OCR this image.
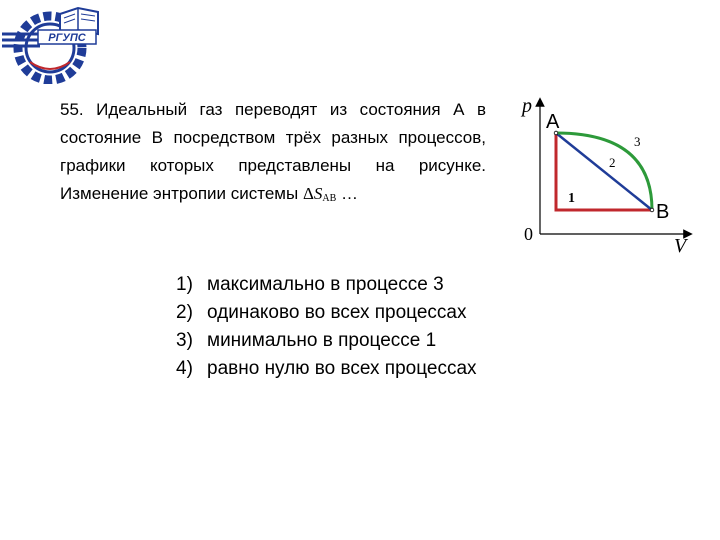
РГУПС

55. Идеальный газ переводят из состояния А в состояние В посредством трёх разных процессов, графики которых представлены на рисунке. Изменение энтропии системы $\Delta S_{AB}$ …

p
V
0
A
B
1
2
3
1) максимально в процессе 3
2) одинаково во всех процессах
3) минимально в процессе 1
4) равно нулю во всех процессах
